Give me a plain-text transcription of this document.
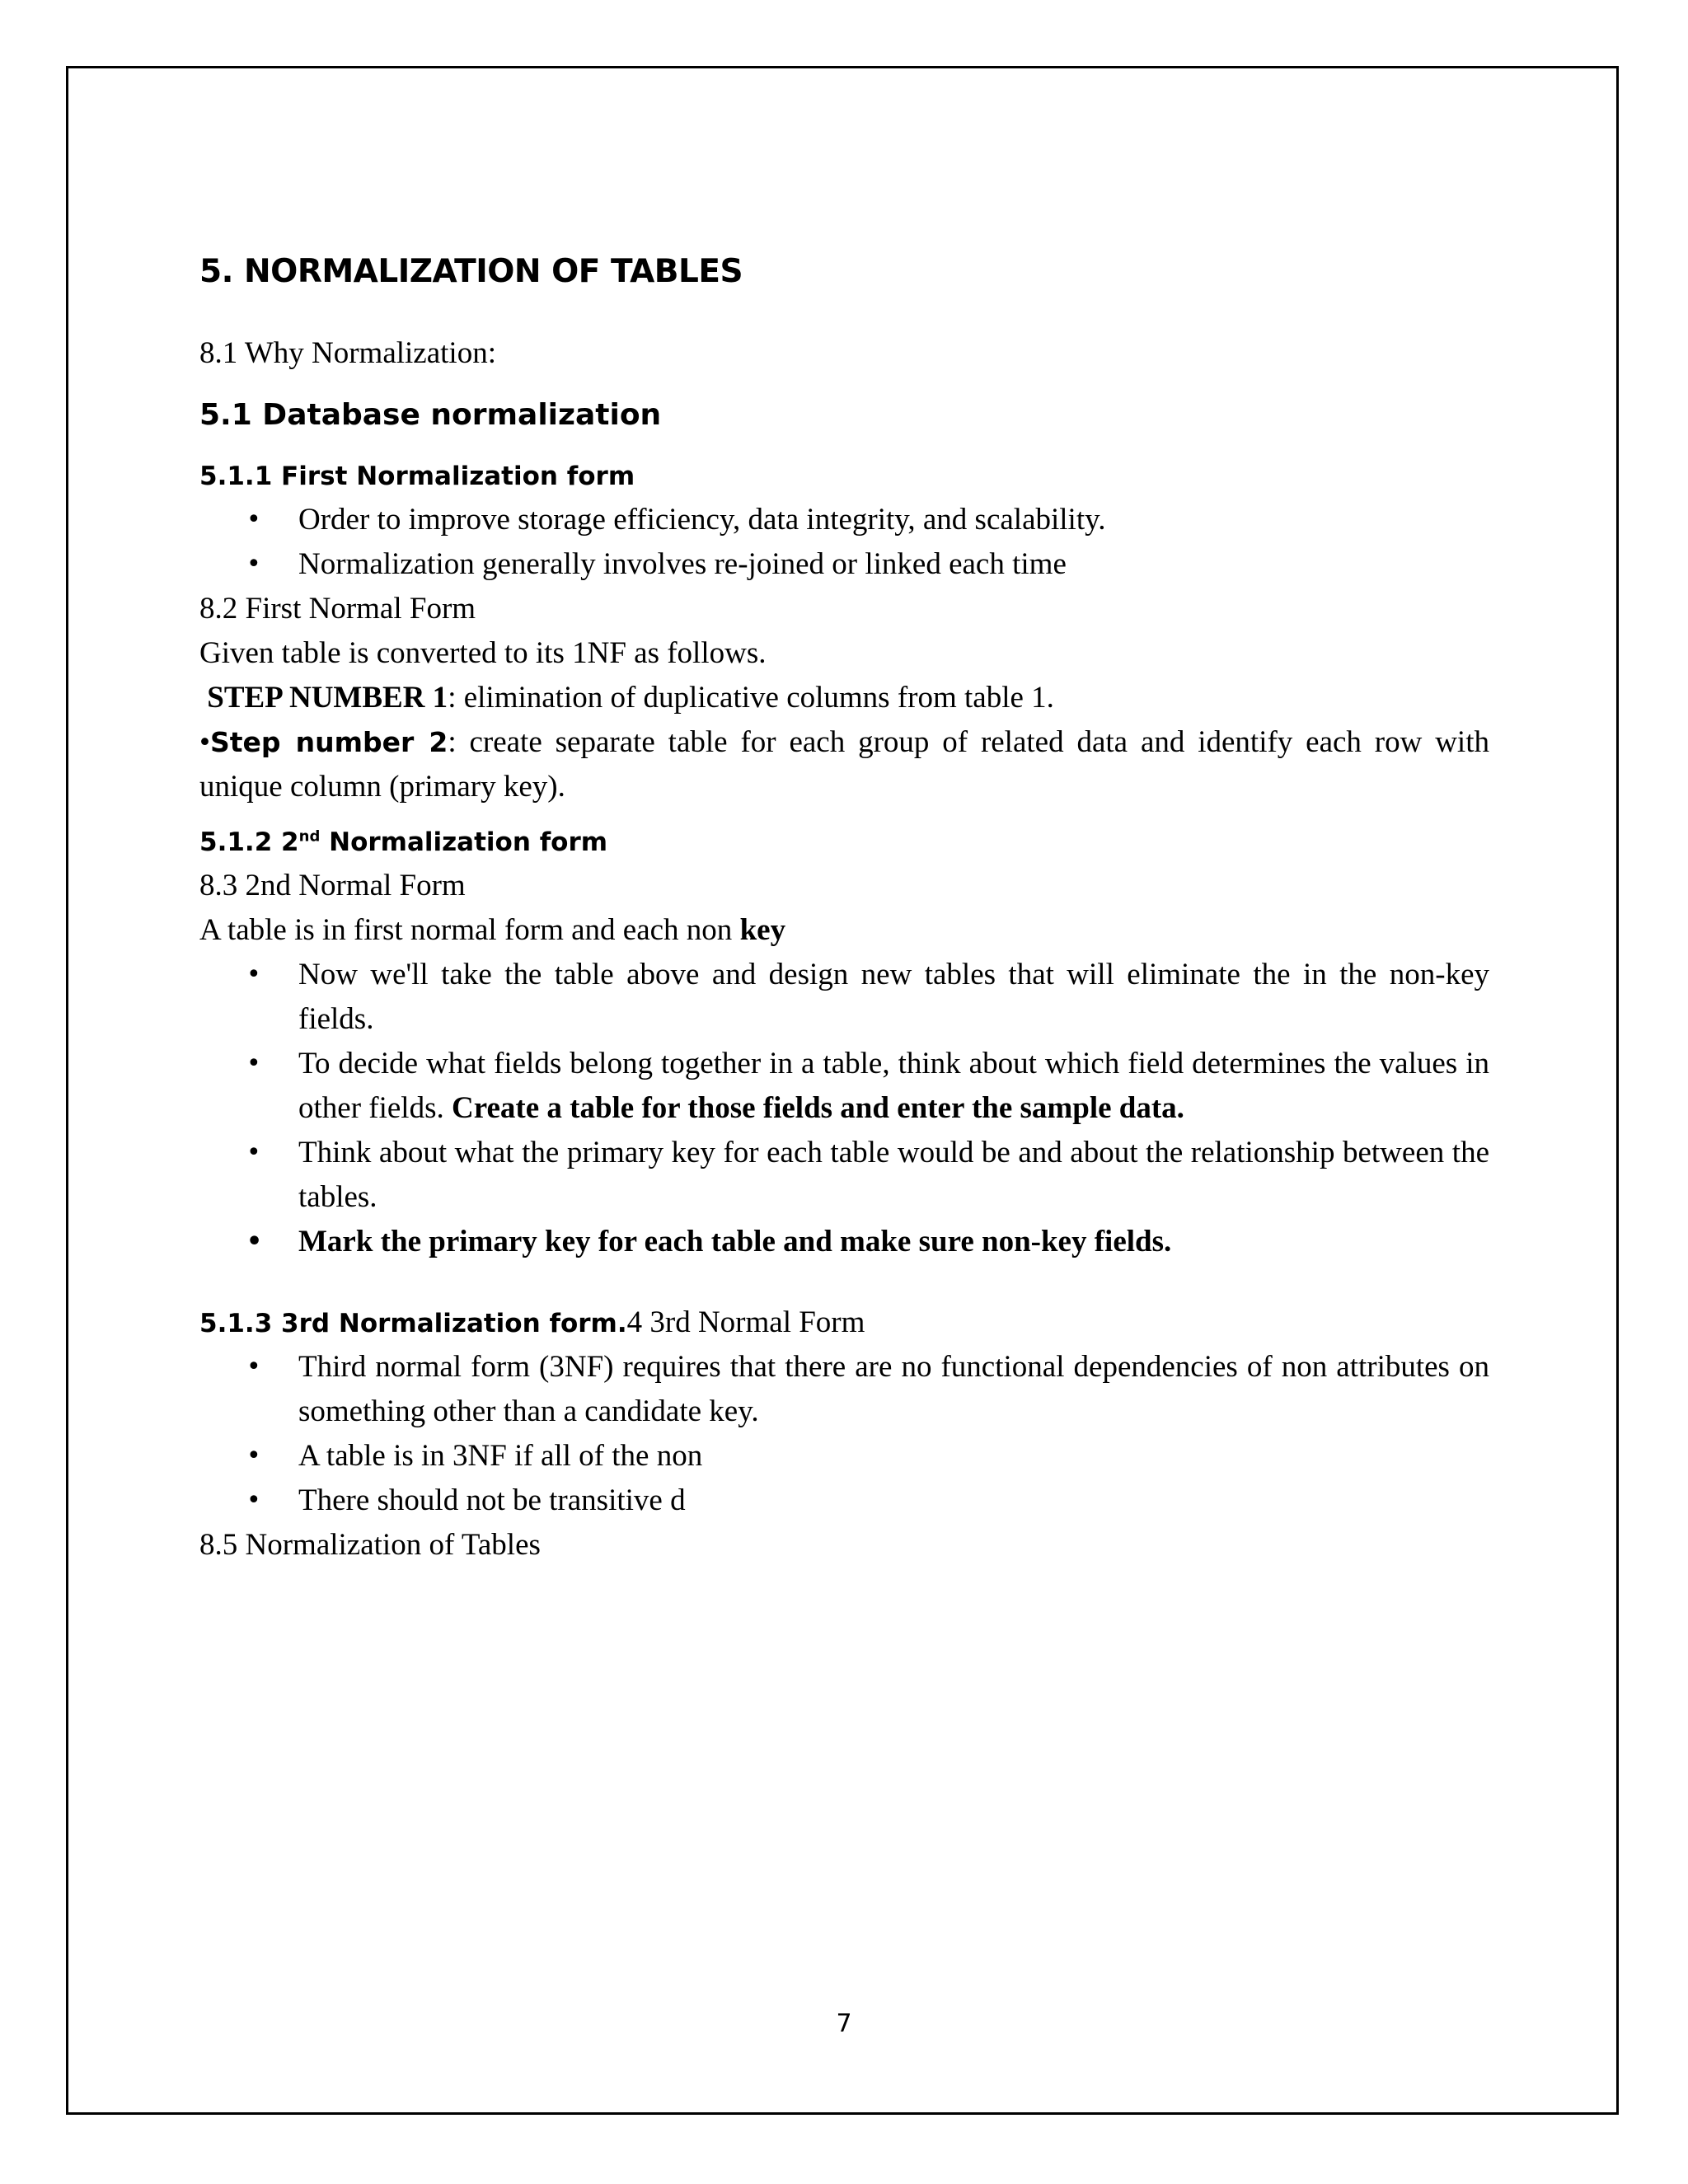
5. NORMALIZATION OF TABLES
8.1 Why Normalization:
5.1 Database normalization
5.1.1 First Normalization form
• Order to improve storage efficiency, data integrity, and scalability.
• Normalization generally involves re-joined or linked each time
8.2 First Normal Form
Given table is converted to its 1NF as follows.
STEP NUMBER 1: elimination of duplicative columns from table 1.
•Step number 2: create separate table for each group of related data and identify each row with unique column (primary key).
5.1.2 2nd Normalization form
8.3 2nd Normal Form
A table is in first normal form and each non key
• Now we'll take the table above and design new tables that will eliminate the in the non-key fields.
• To decide what fields belong together in a table, think about which field determines the values in other fields. Create a table for those fields and enter the sample data.
• Think about what the primary key for each table would be and about the relationship between the tables.
• Mark the primary key for each table and make sure non-key fields.
5.1.3 3rd Normalization form.4 3rd Normal Form
• Third normal form (3NF) requires that there are no functional dependencies of non attributes on something other than a candidate key.
• A table is in 3NF if all of the non
• There should not be transitive d
8.5 Normalization of Tables
7
